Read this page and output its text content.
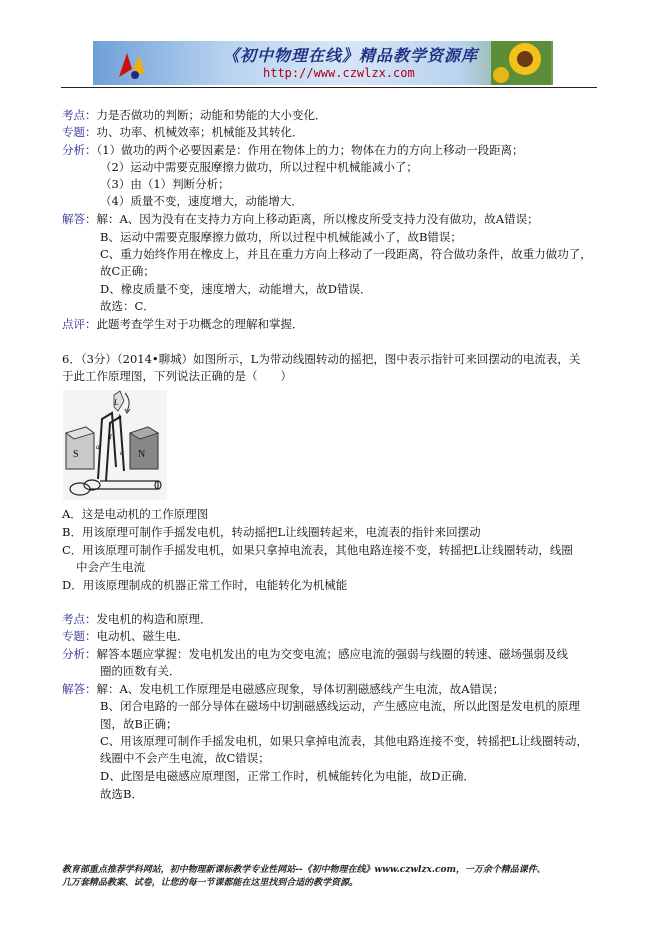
《初中物理在线》精品教学资源库
http://www.czwlzx.com
考点：力是否做功的判断；动能和势能的大小变化．
专题：功、功率、机械效率；机械能及其转化．
分析：（1）做功的两个必要因素是：作用在物体上的力；物体在力的方向上移动一段距离；
（2）运动中需要克服摩擦力做功，所以过程中机械能减小了；
（3）由（1）判断分析；
（4）质量不变，速度增大，动能增大．
解答：解：A、因为没有在支持力方向上移动距离，所以橡皮所受支持力没有做功，故A错误；
B、运动中需要克服摩擦力做功，所以过程中机械能减小了，故B错误；
C、重力始终作用在橡皮上，并且在重力方向上移动了一段距离，符合做功条件，故重力做功了，
故C正确；
D、橡皮质量不变，速度增大，动能增大，故D错误．
故选：C．
点评：此题考查学生对于功概念的理解和掌握．
6．（3分）（2014•聊城）如图所示，L为带动线圈转动的摇把，图中表示指针可来回摆动的电流表，关
于此工作原理图，下列说法正确的是（　　）
S	N
L
a
b
c
d
A．这是电动机的工作原理图
B．用该原理可制作手摇发电机，转动摇把L让线圈转起来，电流表的指针来回摆动
C．用该原理可制作手摇发电机，如果只拿掉电流表，其他电路连接不变，转摇把L让线圈转动，线圈
中会产生电流
D．用该原理制成的机器正常工作时，电能转化为机械能
考点：发电机的构造和原理．
专题：电动机、磁生电．
分析：解答本题应掌握：发电机发出的电为交变电流；感应电流的强弱与线圈的转速、磁场强弱及线
圈的匝数有关．
解答：解：A、发电机工作原理是电磁感应现象，导体切割磁感线产生电流，故A错误；
B、闭合电路的一部分导体在磁场中切割磁感线运动，产生感应电流，所以此图是发电机的原理
图，故B正确；
C、用该原理可制作手摇发电机，如果只拿掉电流表，其他电路连接不变，转摇把L让线圈转动，
线圈中不会产生电流，故C错误；
D、此图是电磁感应原理图，正常工作时，机械能转化为电能，故D正确．
故选B．
教育部重点推荐学科网站，初中物理新课标教学专业性网站--《初中物理在线》www.czwlzx.com，一万余个精品课件、
几万套精品教案、试卷，让您的每一节课都能在这里找到合适的教学资源。
